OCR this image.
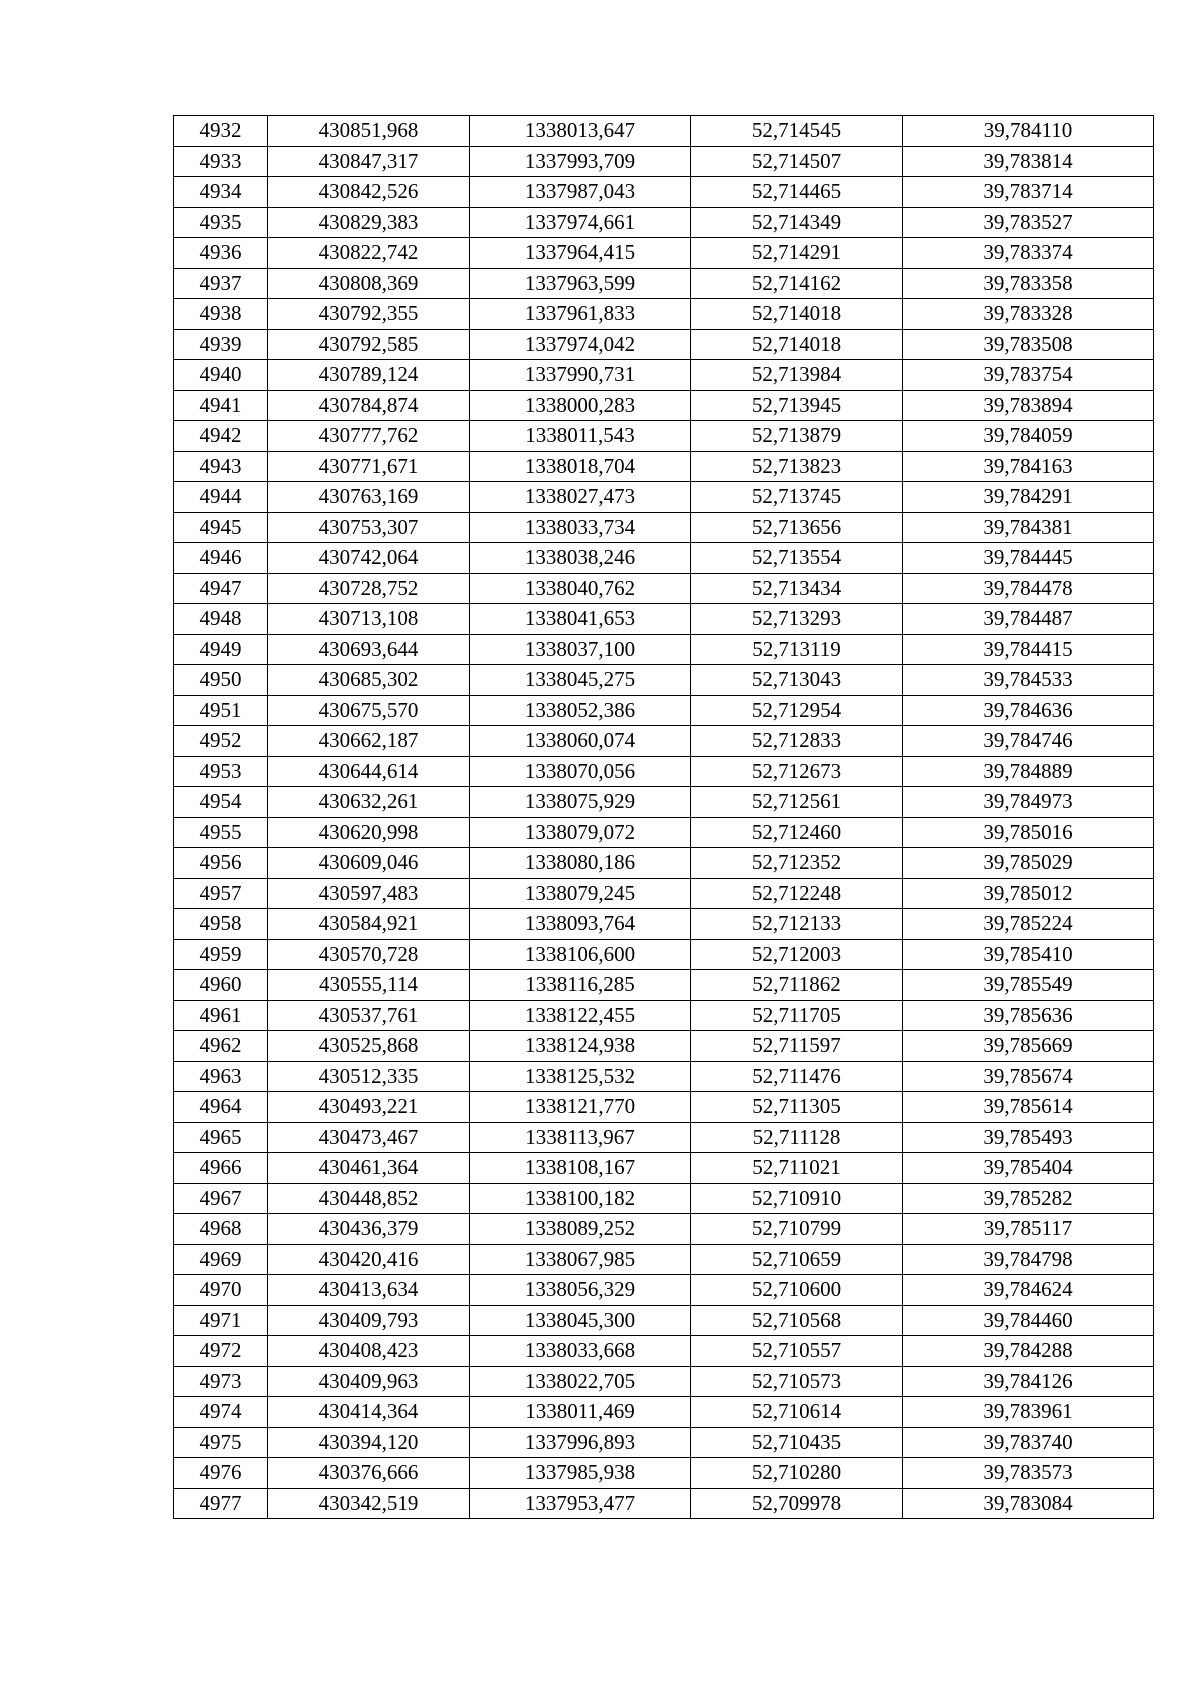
4932	430851,968	1338013,647	52,714545	39,784110
4933	430847,317	1337993,709	52,714507	39,783814
4934	430842,526	1337987,043	52,714465	39,783714
4935	430829,383	1337974,661	52,714349	39,783527
4936	430822,742	1337964,415	52,714291	39,783374
4937	430808,369	1337963,599	52,714162	39,783358
4938	430792,355	1337961,833	52,714018	39,783328
4939	430792,585	1337974,042	52,714018	39,783508
4940	430789,124	1337990,731	52,713984	39,783754
4941	430784,874	1338000,283	52,713945	39,783894
4942	430777,762	1338011,543	52,713879	39,784059
4943	430771,671	1338018,704	52,713823	39,784163
4944	430763,169	1338027,473	52,713745	39,784291
4945	430753,307	1338033,734	52,713656	39,784381
4946	430742,064	1338038,246	52,713554	39,784445
4947	430728,752	1338040,762	52,713434	39,784478
4948	430713,108	1338041,653	52,713293	39,784487
4949	430693,644	1338037,100	52,713119	39,784415
4950	430685,302	1338045,275	52,713043	39,784533
4951	430675,570	1338052,386	52,712954	39,784636
4952	430662,187	1338060,074	52,712833	39,784746
4953	430644,614	1338070,056	52,712673	39,784889
4954	430632,261	1338075,929	52,712561	39,784973
4955	430620,998	1338079,072	52,712460	39,785016
4956	430609,046	1338080,186	52,712352	39,785029
4957	430597,483	1338079,245	52,712248	39,785012
4958	430584,921	1338093,764	52,712133	39,785224
4959	430570,728	1338106,600	52,712003	39,785410
4960	430555,114	1338116,285	52,711862	39,785549
4961	430537,761	1338122,455	52,711705	39,785636
4962	430525,868	1338124,938	52,711597	39,785669
4963	430512,335	1338125,532	52,711476	39,785674
4964	430493,221	1338121,770	52,711305	39,785614
4965	430473,467	1338113,967	52,711128	39,785493
4966	430461,364	1338108,167	52,711021	39,785404
4967	430448,852	1338100,182	52,710910	39,785282
4968	430436,379	1338089,252	52,710799	39,785117
4969	430420,416	1338067,985	52,710659	39,784798
4970	430413,634	1338056,329	52,710600	39,784624
4971	430409,793	1338045,300	52,710568	39,784460
4972	430408,423	1338033,668	52,710557	39,784288
4973	430409,963	1338022,705	52,710573	39,784126
4974	430414,364	1338011,469	52,710614	39,783961
4975	430394,120	1337996,893	52,710435	39,783740
4976	430376,666	1337985,938	52,710280	39,783573
4977	430342,519	1337953,477	52,709978	39,783084
